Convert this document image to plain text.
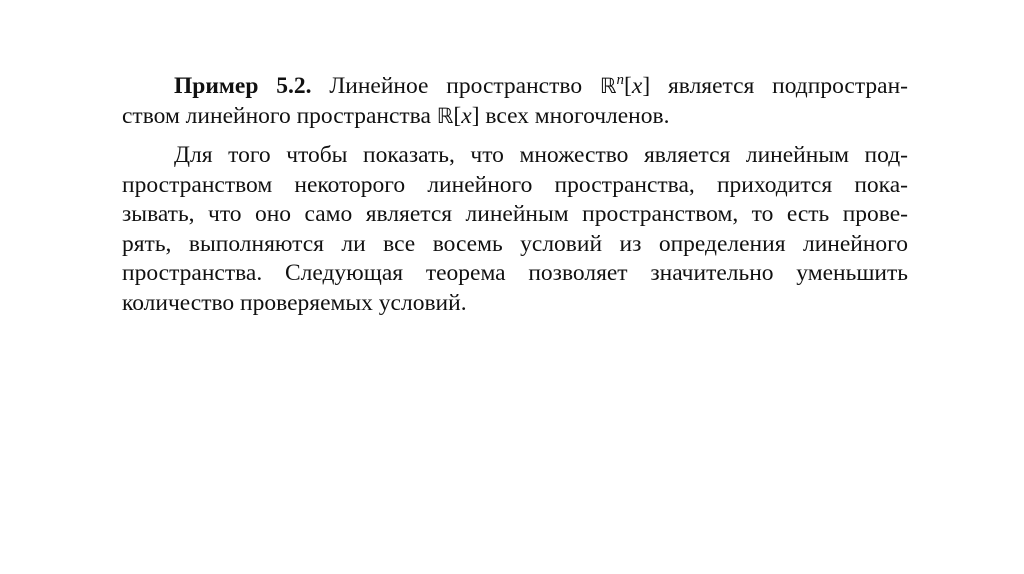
Пример 5.2. Линейное пространство ℝ$^n$[x] является подпростран-
ством линейного пространства ℝ[x] всех многочленов.
Для того чтобы показать, что множество является линейным под-
пространством некоторого линейного пространства, приходится пока-
зывать, что оно само является линейным пространством, то есть прове-
рять, выполняются ли все восемь условий из определения линейного
пространства. Следующая теорема позволяет значительно уменьшить
количество проверяемых условий.
